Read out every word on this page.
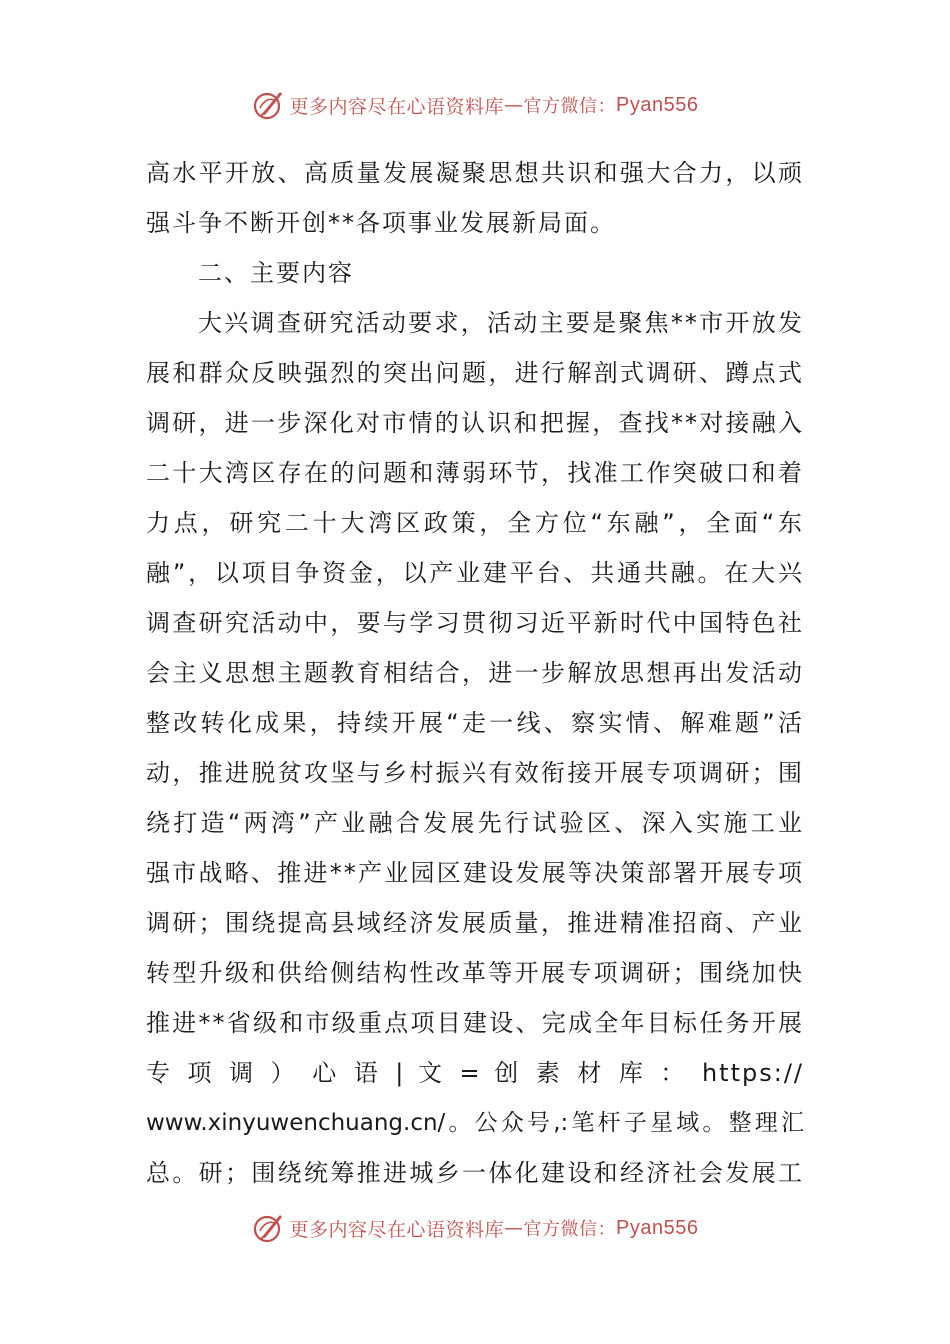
更多内容尽在心语资料库 — 官方微信： Pyan556
高水平开放、高质量发展凝聚思想共识和强大合力，以顽
强斗争不断开创**各项事业发展新局面。
二、主要内容
大兴调查研究活动要求，活动主要是聚焦**市开放发
展和群众反映强烈的突出问题，进行解剖式调研、蹲点式
调研，进一步深化对市情的认识和把握，查找**对接融入
二十大湾区存在的问题和薄弱环节，找准工作突破口和着
力点，研究二十大湾区政策，全方位“东融”，全面“东
融”，以项目争资金，以产业建平台、共通共融。在大兴
调查研究活动中，要与学习贯彻习近平新时代中国特色社
会主义思想主题教育相结合，进一步解放思想再出发活动
整改转化成果，持续开展“走一线、察实情、解难题”活
动，推进脱贫攻坚与乡村振兴有效衔接开展专项调研；围
绕打造“两湾”产业融合发展先行试验区、深入实施工业
强市战略、推进**产业园区建设发展等决策部署开展专项
调研；围绕提高县域经济发展质量，推进精准招商、产业
转型升级和供给侧结构性改革等开展专项调研；围绕加快
推进**省级和市级重点项目建设、完成全年目标任务开展
专 项 调 ） 心 语 | 文 = 创 素 材 库 ： https://
www.xinyuwenchuang.cn/。公众号,:笔杆子星域。整理汇
总。研；围绕统筹推进城乡一体化建设和经济社会发展工
更多内容尽在心语资料库 — 官方微信： Pyan556
